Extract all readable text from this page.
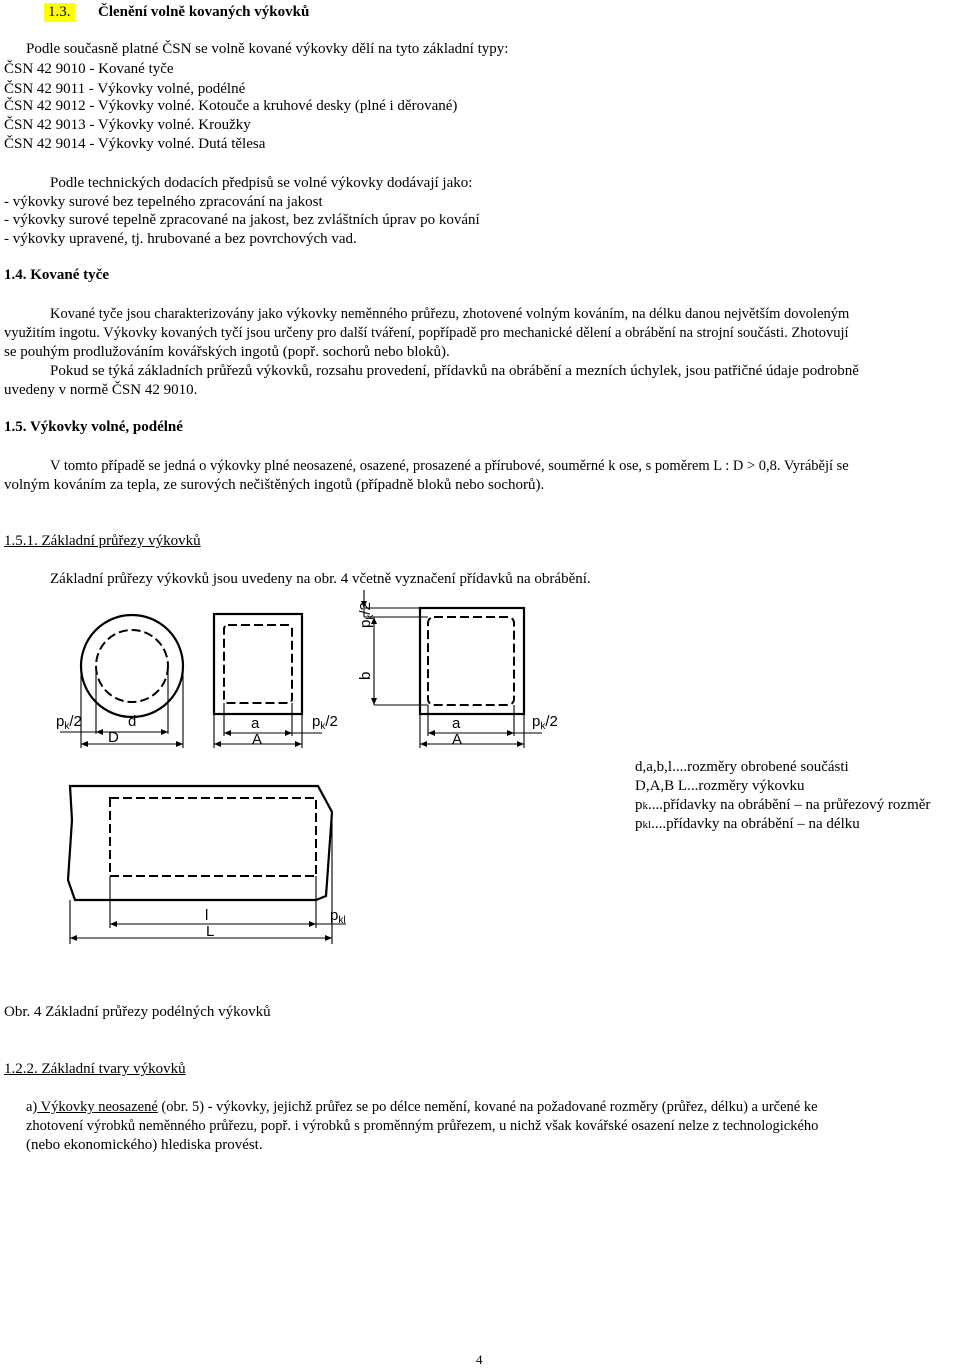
1.3. Členění volně kovaných výkovků
Podle současně platné ČSN se volně kované výkovky dělí na tyto základní typy:
ČSN 42 9010 - Kované tyče
ČSN 42 9011 - Výkovky volné, podélné
ČSN 42 9012 - Výkovky volné. Kotouče a kruhové desky (plné i děrované)
ČSN 42 9013 - Výkovky volné. Kroužky
ČSN 42 9014 - Výkovky volné. Dutá tělesa
Podle technických dodacích předpisů se volné výkovky dodávají jako:
- výkovky surové bez tepelného zpracování na jakost
- výkovky surové tepelně zpracované na jakost, bez zvláštních úprav po kování
- výkovky upravené, tj. hrubované a bez povrchových vad.
1.4. Kované tyče
Kované tyče jsou charakterizovány jako výkovky neměnného průřezu, zhotovené volným kováním, na délku danou největším dovoleným
využitím ingotu. Výkovky kovaných tyčí jsou určeny pro další tváření, popřípadě pro mechanické dělení a obrábění na strojní součásti. Zhotovují
se pouhým prodlužováním kovářských ingotů (popř. sochorů nebo bloků).
Pokud se týká základních průřezů výkovků, rozsahu provedení, přídavků na obrábění a mezních úchylek, jsou patřičné údaje podrobně
uvedeny v normě ČSN 42 9010.
1.5. Výkovky volné, podélné
V tomto případě se jedná o výkovky plné neosazené, osazené, prosazené a přírubové, souměrné k ose, s poměrem L : D > 0,8. Vyrábějí se
volným kováním za tepla, ze surových nečištěných ingotů (případně bloků nebo sochorů).
1.5.1. Základní průřezy výkovků
Základní průřezy výkovků jsou uvedeny na obr. 4 včetně vyznačení přídavků na obrábění.
$p_k/2$	d
D
a
A
$p_k/2$	a
A
$p_k/2$
b
$p_k/2$
l
L
$p_{kl}$
d,a,b,l....rozměry obrobené součásti
D,A,B L...rozměry výkovku
pk....přídavky na obrábění – na průřezový rozměr
pkl....přídavky na obrábění – na délku
Obr. 4 Základní průřezy podélných výkovků
1.2.2. Základní tvary výkovků
a) Výkovky neosazené (obr. 5) - výkovky, jejichž průřez se po délce nemění, kované na požadované rozměry (průřez, délku) a určené ke
zhotovení výrobků neměnného průřezu, popř. i výrobků s proměnným průřezem, u nichž však kovářské osazení nelze z technologického
(nebo ekonomického) hlediska provést.
4
